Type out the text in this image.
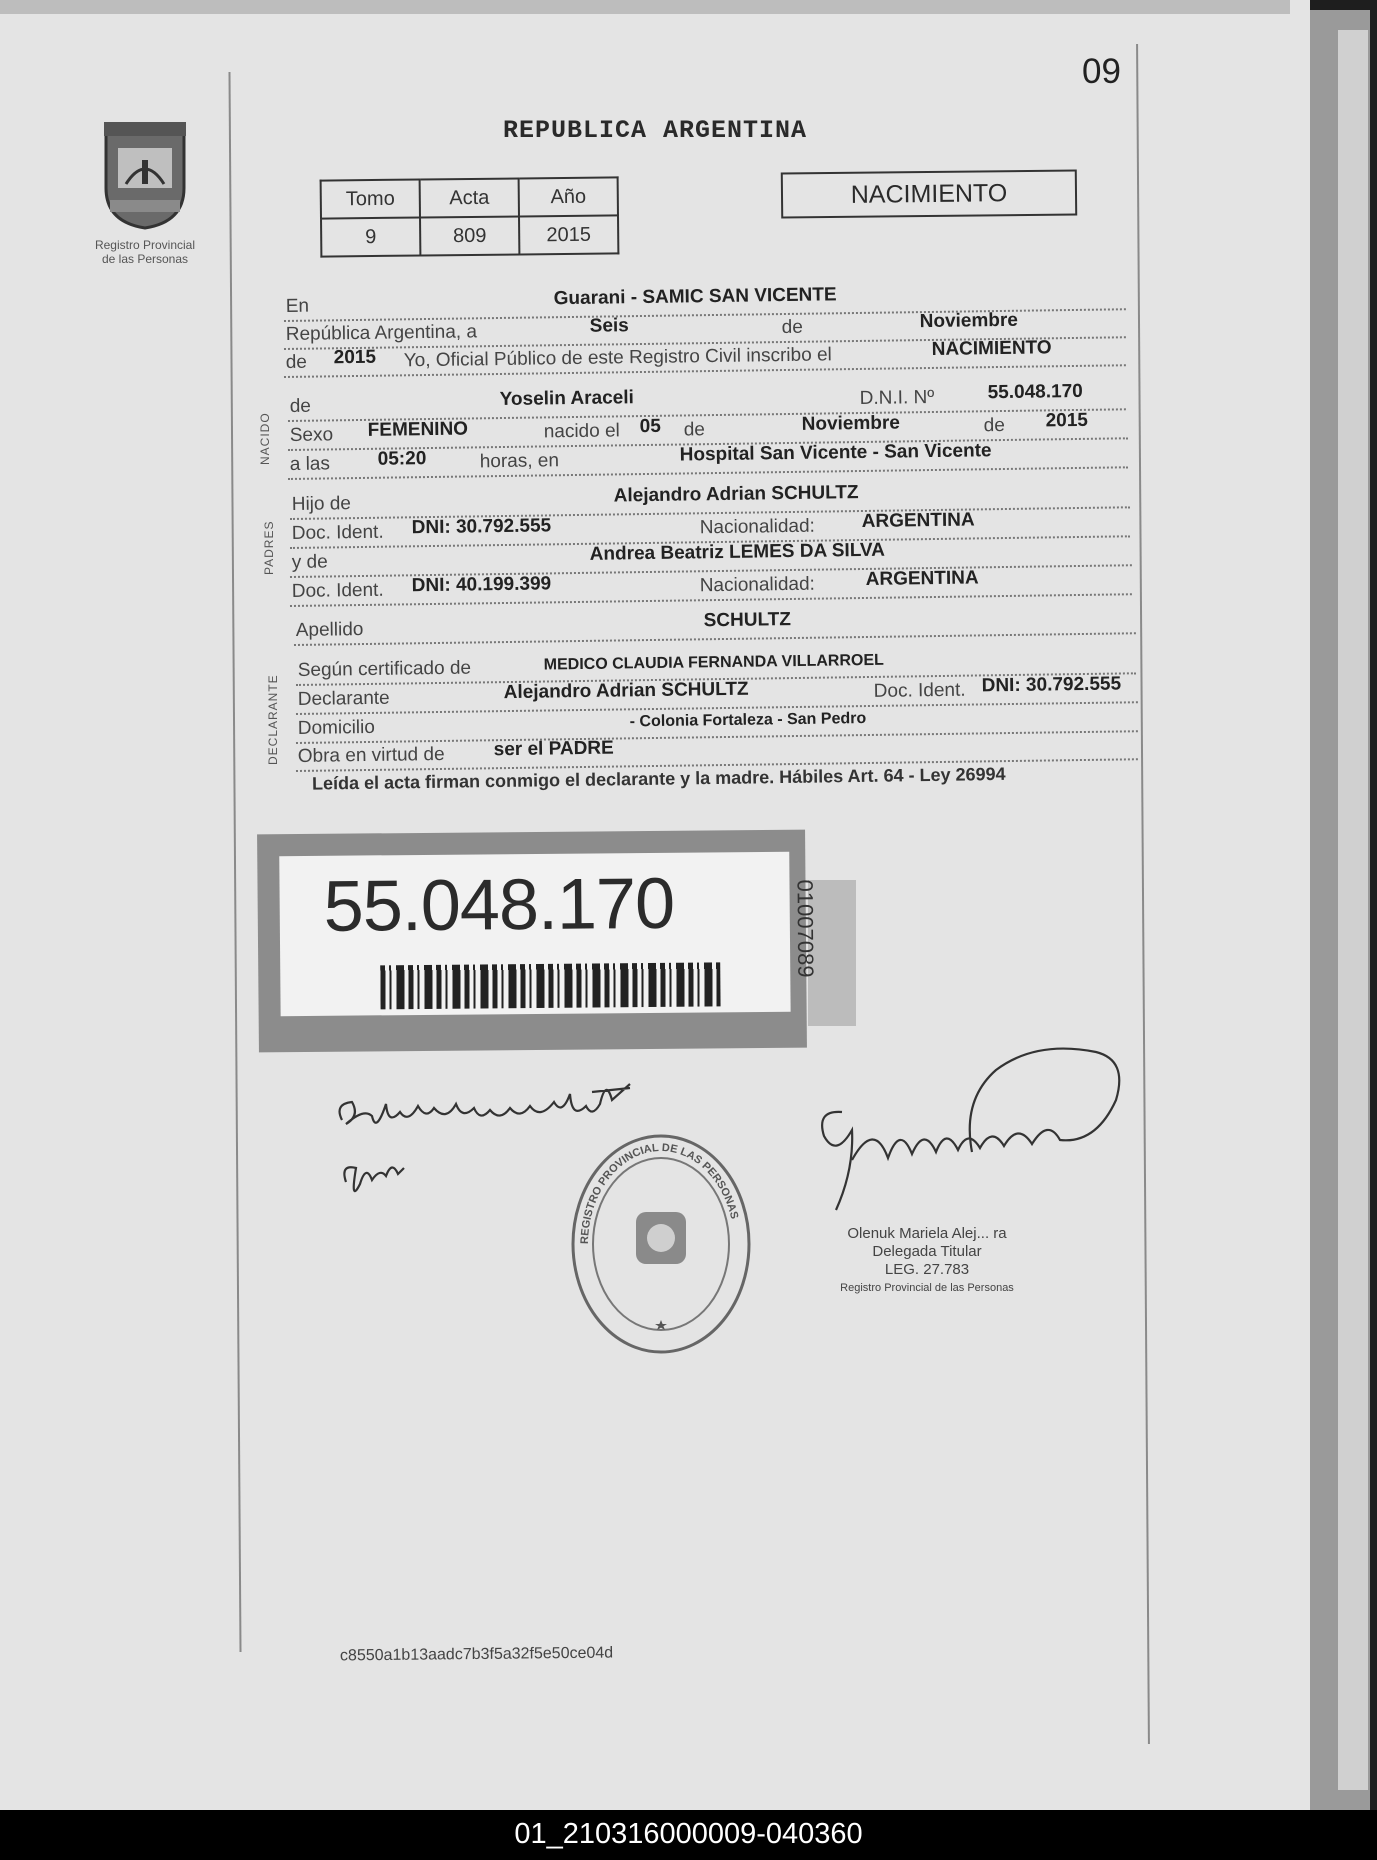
09
Registro Provincial
de las Personas
REPUBLICA ARGENTINA
Tomo	Acta	Año
9	809	2015
NACIMIENTO
NACIDO
PADRES
DECLARANTE
En	Guarani - SAMIC SAN VICENTE
República Argentina, a	Seis	de	Noviembre
de 2015 Yo, Oficial Público de este Registro Civil inscribo el	NACIMIENTO
de	Yoselin Araceli	D.N.I. Nº	55.048.170
Sexo FEMENINO	nacido el 05 de	Noviembre	de 2015
a las	05:20	horas, en	Hospital San Vicente - San Vicente
Hijo de	Alejandro Adrian SCHULTZ
Doc. Ident. DNI: 30.792.555	Nacionalidad: ARGENTINA
y de	Andrea Beatriz LEMES DA SILVA
Doc. Ident. DNI: 40.199.399	Nacionalidad:	ARGENTINA
Apellido	SCHULTZ
Según certificado de	MEDICO CLAUDIA FERNANDA VILLARROEL
Declarante	Alejandro Adrian SCHULTZ	Doc. Ident. DNI: 30.792.555
Domicilio	- Colonia Fortaleza - San Pedro
Obra en virtud de	ser el PADRE
Leída el acta firman conmigo el declarante y la madre. Hábiles Art. 64 - Ley 26994
55.048.170	01007089
REGISTRO PROVINCIAL DE LAS PERSONAS
Olenuk Mariela Alej... ra
Delegada Titular
LEG. 27.783
Registro Provincial de las Personas
c8550a1b13aadc7b3f5a32f5e50ce04d
01_210316000009-040360
